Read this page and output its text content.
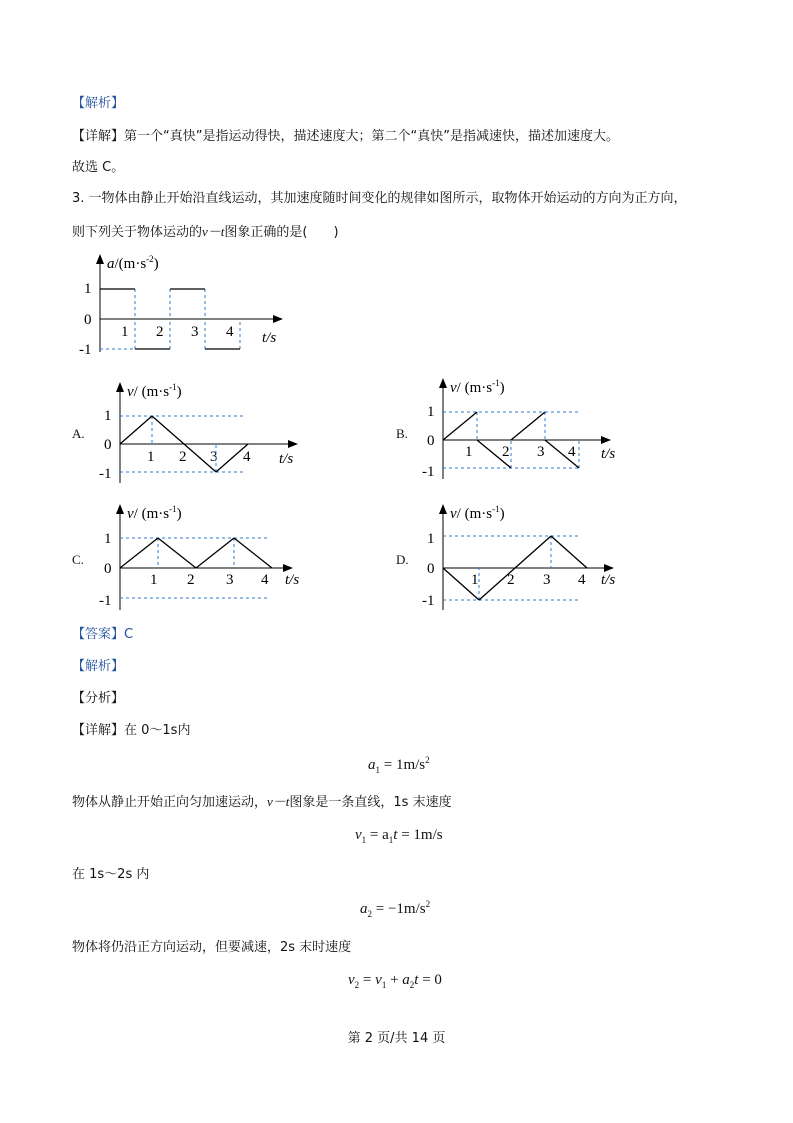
【解析】
【详解】第一个“真快”是指运动得快，描述速度大；第二个“真快”是指减速快，描述加速度大。
故选 C。
3. 一物体由静止开始沿直线运动，其加速度随时间变化的规律如图所示，取物体开始运动的方向为正方向，
则下列关于物体运动的v－t图象正确的是(　　)
$a/(m\cdot s^{-2})$
t/s
1
0
-1
1 2 3 4
A.	B.
C.	D.
v/ $(m\cdot s^{-1})$
t/s
1
0
-1
1 2 3 4
v/ $(m\cdot s^{-1})$
t/s
1
0
-1
1 2 3 4
v/ $(m\cdot s^{-1})$
t/s
1
0
-1
1 2 3 4
v/ $(m\cdot s^{-1})$
t/s
1
0
-1
1 2 3 4
【答案】C
【解析】
【分析】
【详解】在 0～1s内
$a_1 = 1m/s^2$
物体从静止开始正向匀加速运动，v－t图象是一条直线，1s 末速度
$v_1 = a_1t = 1m/s$
在 1s～2s 内
$a_2 = -1m/s^2$
物体将仍沿正方向运动，但要减速，2s 末时速度
$v_2 = v_1 + a_2t = 0$
第 2 页/共 14 页
